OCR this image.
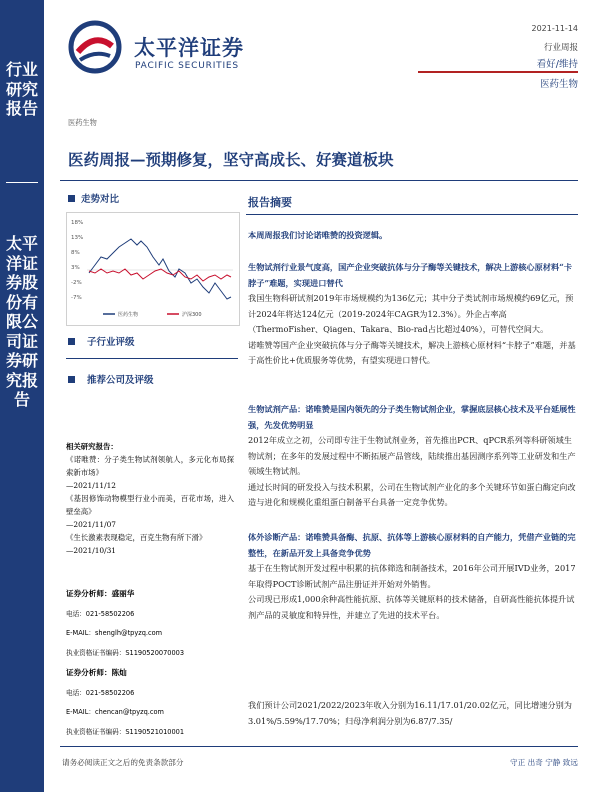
行业研究报告
太平洋证券股份有限公司证券研究报告
太平洋证券
PACIFIC SECURITIES
2021-11-14
行业周报
看好/维持
医药生物
医药生物
医药周报—预期修复，坚守高成长、好赛道板块
走势对比
18%
13%
8%
3%
-2%
-7%
医药生物	沪深300
子行业评级
推荐公司及评级
相关研究报告：
《诺唯赞：分子类生物试剂领航人，多元化布局探索新市场》
—2021/11/12
《基因修饰动物模型行业小而美，百花市场，进入壁垒高》
—2021/11/07
《生长激素表现稳定，百克生物有所下滑》
—2021/10/31
证券分析师：盛丽华
电话：021-58502206
E-MAIL：shenglh@tpyzq.com
执业资格证书编码：S1190520070003
证券分析师：陈灿
电话：021-58502206
E-MAIL：chencan@tpyzq.com
执业资格证书编码：S1190521010001
报告摘要
本周周报我们讨论诺唯赞的投资逻辑。
生物试剂行业景气度高，国产企业突破抗体与分子酶等关键技术，解决上游核心原材料“卡脖子”难题，实现进口替代
我国生物科研试剂2019年市场规模约为136亿元；其中分子类试剂市场规模约69亿元，预计2024年将达124亿元（2019-2024年CAGR为12.3%）。外企占率高（ThermoFisher、Qiagen、Takara、Bio-rad占比超过40%），可替代空间大。
诺唯赞等国产企业突破抗体与分子酶等关键技术，解决上游核心原材料“卡脖子”难题，并基于高性价比+优质服务等优势，有望实现进口替代。
生物试剂产品：诺唯赞是国内领先的分子类生物试剂企业，掌握底层核心技术及平台延展性强，先发优势明显
2012年成立之初，公司即专注于生物试剂业务，首先推出PCR、qPCR系列等科研领域生物试剂；在多年的发展过程中不断拓展产品管线，陆续推出基因测序系列等工业研发和生产领域生物试剂。
通过长时间的研发投入与技术积累，公司在生物试剂产业化的多个关键环节如蛋白酶定向改造与进化和规模化重组蛋白制备平台具备一定竞争优势。
体外诊断产品：诺唯赞具备酶、抗原、抗体等上游核心原材料的自产能力，凭借产业链的完整性，在新品开发上具备竞争优势
基于在生物试剂开发过程中积累的抗体筛选和制备技术，2016年公司开展IVD业务，2017年取得POCT诊断试剂产品注册证并开始对外销售。
公司现已形成1,000余种高性能抗原、抗体等关键原料的技术储备，自研高性能抗体提升试剂产品的灵敏度和特异性，并建立了先进的技术平台。
我们预计公司2021/2022/2023年收入分别为16.11/17.01/20.02亿元，同比增速分别为3.01%/5.59%/17.70%；归母净利润分别为6.87/7.35/
请务必阅读正文之后的免责条款部分	守正 出奇 宁静 致远
